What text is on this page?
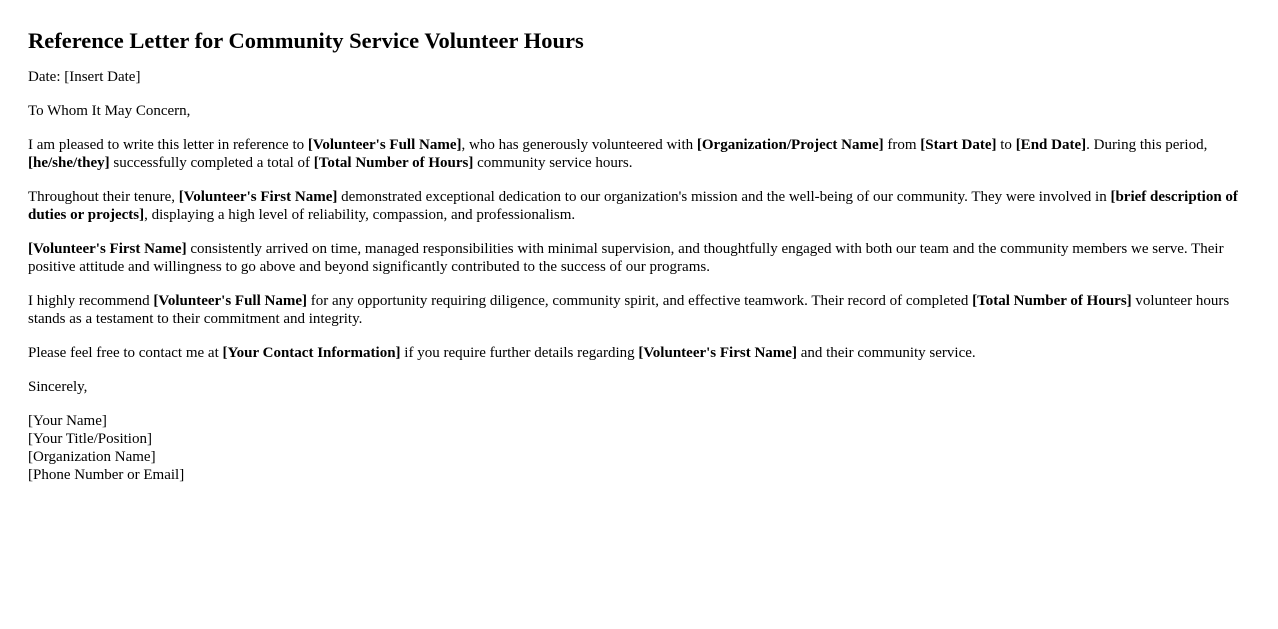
Reference Letter for Community Service Volunteer Hours

Date: [Insert Date]

To Whom It May Concern,

I am pleased to write this letter in reference to [Volunteer's Full Name], who has generously volunteered with [Organization/Project Name] from [Start Date] to [End Date]. During this period, [he/she/they] successfully completed a total of [Total Number of Hours] community service hours.

Throughout their tenure, [Volunteer's First Name] demonstrated exceptional dedication to our organization's mission and the well-being of our community. They were involved in [brief description of duties or projects], displaying a high level of reliability, compassion, and professionalism.

[Volunteer's First Name] consistently arrived on time, managed responsibilities with minimal supervision, and thoughtfully engaged with both our team and the community members we serve. Their positive attitude and willingness to go above and beyond significantly contributed to the success of our programs.

I highly recommend [Volunteer's Full Name] for any opportunity requiring diligence, community spirit, and effective teamwork. Their record of completed [Total Number of Hours] volunteer hours stands as a testament to their commitment and integrity.

Please feel free to contact me at [Your Contact Information] if you require further details regarding [Volunteer's First Name] and their community service.

Sincerely,

[Your Name]
[Your Title/Position]
[Organization Name]
[Phone Number or Email]
